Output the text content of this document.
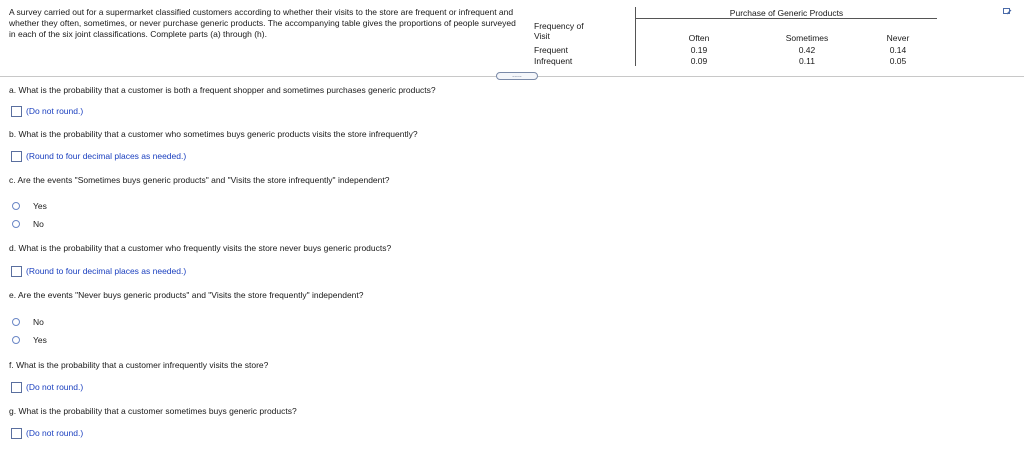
A survey carried out for a supermarket classified customers according to whether their visits to the store are frequent or infrequent and whether they often, sometimes, or never purchase generic products. The accompanying table gives the proportions of people surveyed in each of the six joint classifications. Complete parts (a) through (h).
Frequency of Visit
Purchase of Generic Products
Often	Sometimes	Never
Frequent	0.19	0.42	0.14
Infrequent	0.09	0.11	0.05
.....
a. What is the probability that a customer is both a frequent shopper and sometimes purchases generic products?
(Do not round.)
b. What is the probability that a customer who sometimes buys generic products visits the store infrequently?
(Round to four decimal places as needed.)
c. Are the events "Sometimes buys generic products" and "Visits the store infrequently" independent?
Yes
No
d. What is the probability that a customer who frequently visits the store never buys generic products?
(Round to four decimal places as needed.)
e. Are the events "Never buys generic products" and "Visits the store frequently" independent?
No
Yes
f. What is the probability that a customer infrequently visits the store?
(Do not round.)
g. What is the probability that a customer sometimes buys generic products?
(Do not round.)
